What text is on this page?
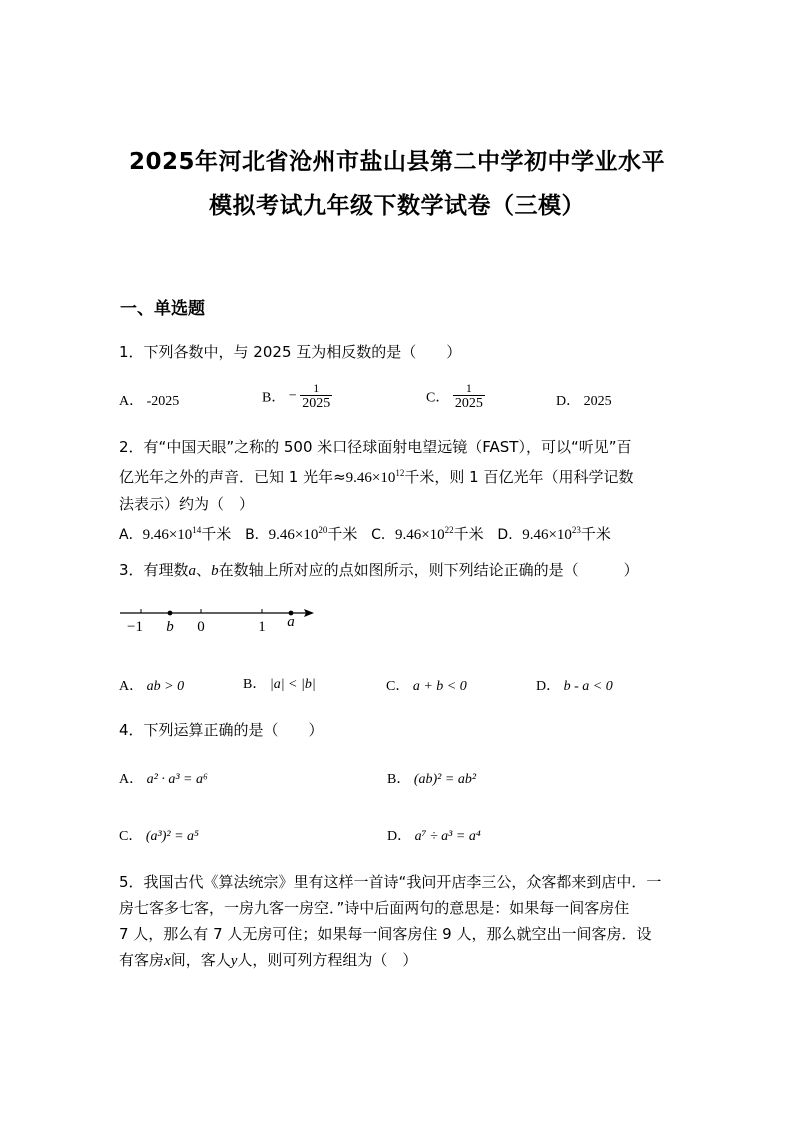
2025年河北省沧州市盐山县第二中学初中学业水平
模拟考试九年级下数学试卷（三模）
一、单选题
1．下列各数中，与 2025 互为相反数的是（　　）
A． -2025	B． − $\frac{1}{2025}$	C． $\frac{1}{2025}$	D． 2025
2．有“中国天眼”之称的 500 米口径球面射电望远镜（FAST），可以“听见”百
亿光年之外的声音．已知 1 光年$\approx 9.46\times 10^{12}$千米，则 1 百亿光年（用科学记数
法表示）约为（　）
A．$9.46\times 10^{14}$千米 B．$9.46\times 10^{20}$千米 C．$9.46\times 10^{22}$千米 D．$9.46\times 10^{23}$千米
3．有理数a、b在数轴上所对应的点如图所示，则下列结论正确的是（　　　）
−1 b 0	1 a
A． ab > 0	B． |a| < |b|	C． a + b < 0	D． b - a < 0
4．下列运算正确的是（　　）
A． a² · a³ = a⁶	B． (ab)² = ab²
C． (a³)² = a⁵	D． a⁷ ÷ a³ = a⁴
5．我国古代《算法统宗》里有这样一首诗“我问开店李三公，众客都来到店中．一
房七客多七客，一房九客一房空．”诗中后面两句的意思是：如果每一间客房住
7 人，那么有 7 人无房可住；如果每一间客房住 9 人，那么就空出一间客房．设
有客房x间，客人y人，则可列方程组为（　）
